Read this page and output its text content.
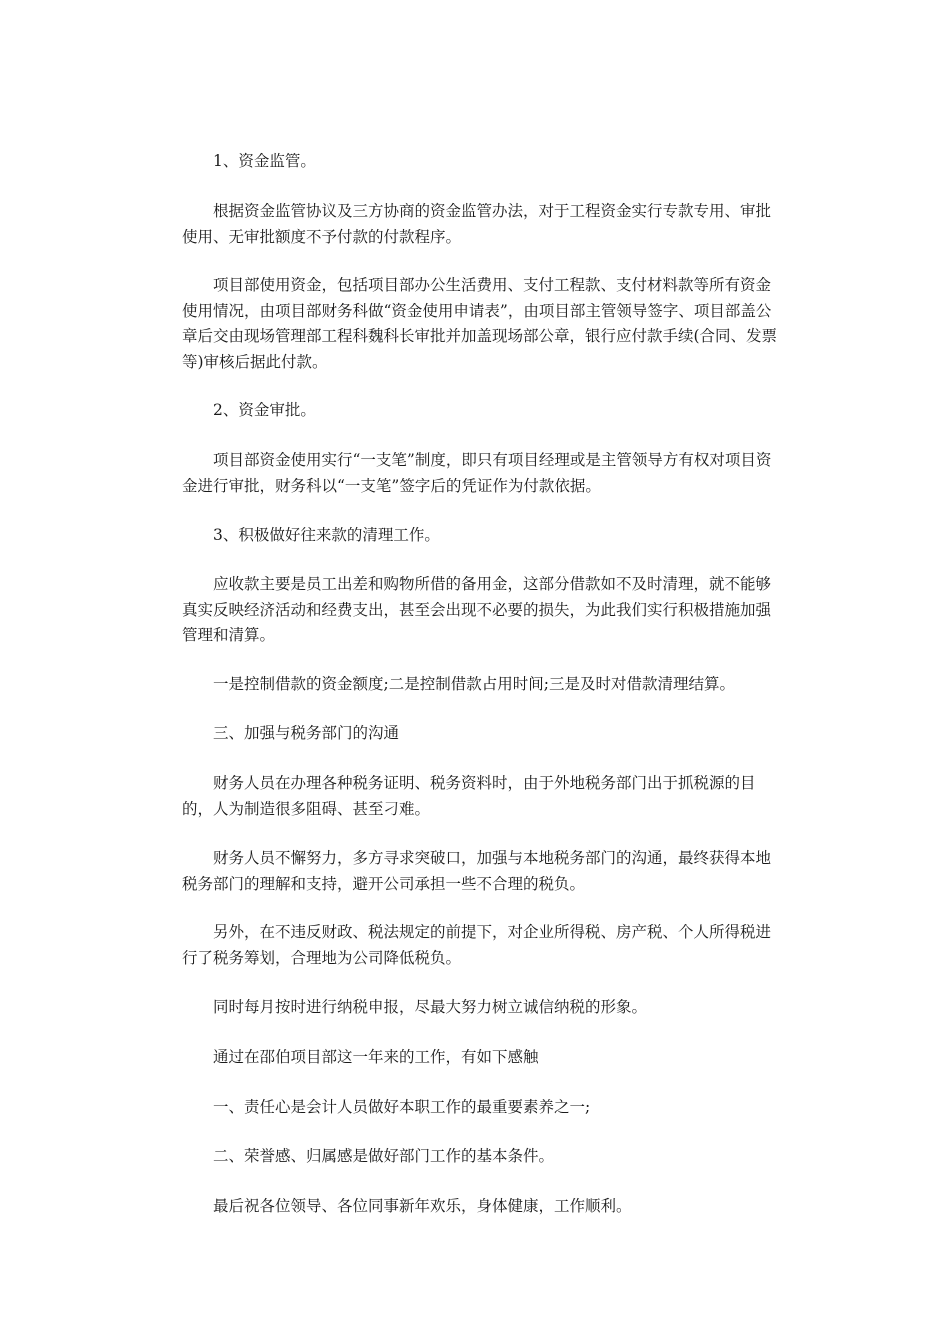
1、资金监管。

根据资金监管协议及三方协商的资金监管办法，对于工程资金实行专款专用、审批使用、无审批额度不予付款的付款程序。

项目部使用资金，包括项目部办公生活费用、支付工程款、支付材料款等所有资金使用情况，由项目部财务科做“资金使用申请表”，由项目部主管领导签字、项目部盖公章后交由现场管理部工程科魏科长审批并加盖现场部公章，银行应付款手续(合同、发票等)审核后据此付款。

2、资金审批。

项目部资金使用实行“一支笔”制度，即只有项目经理或是主管领导方有权对项目资金进行审批，财务科以“一支笔”签字后的凭证作为付款依据。

3、积极做好往来款的清理工作。

应收款主要是员工出差和购物所借的备用金，这部分借款如不及时清理，就不能够真实反映经济活动和经费支出，甚至会出现不必要的损失，为此我们实行积极措施加强管理和清算。

一是控制借款的资金额度;二是控制借款占用时间;三是及时对借款清理结算。

三、加强与税务部门的沟通

财务人员在办理各种税务证明、税务资料时，由于外地税务部门出于抓税源的目的，人为制造很多阻碍、甚至刁难。

财务人员不懈努力，多方寻求突破口，加强与本地税务部门的沟通，最终获得本地税务部门的理解和支持，避开公司承担一些不合理的税负。

另外，在不违反财政、税法规定的前提下，对企业所得税、房产税、个人所得税进行了税务筹划，合理地为公司降低税负。

同时每月按时进行纳税申报，尽最大努力树立诚信纳税的形象。

通过在邵伯项目部这一年来的工作，有如下感触

一、责任心是会计人员做好本职工作的最重要素养之一;

二、荣誉感、归属感是做好部门工作的基本条件。

最后祝各位领导、各位同事新年欢乐，身体健康，工作顺利。
